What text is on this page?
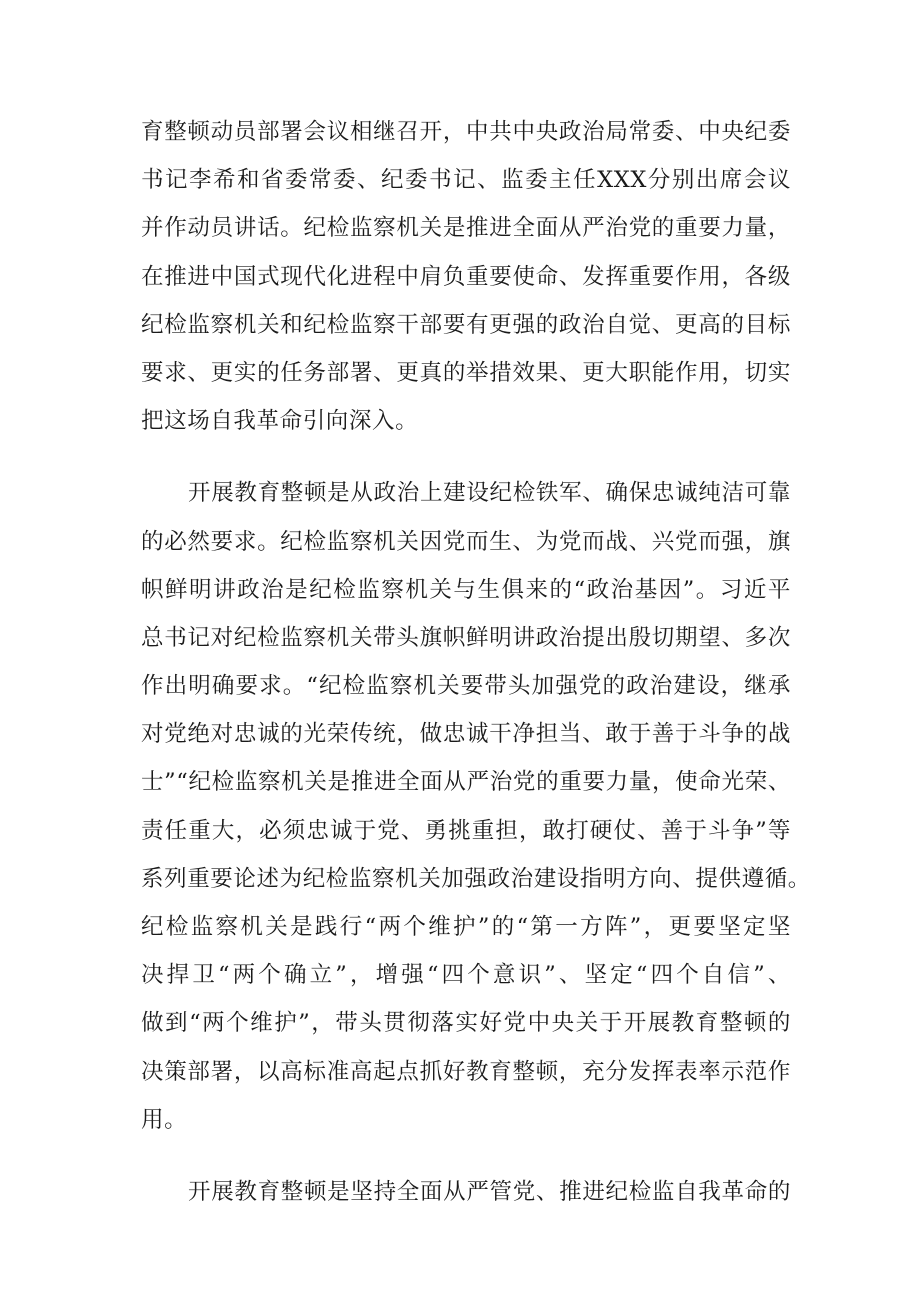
育整顿动员部署会议相继召开，中共中央政治局常委、中央纪委
书记李希和省委常委、纪委书记、监委主任XXX分别出席会议
并作动员讲话。纪检监察机关是推进全面从严治党的重要力量，
在推进中国式现代化进程中肩负重要使命、发挥重要作用，各级
纪检监察机关和纪检监察干部要有更强的政治自觉、更高的目标
要求、更实的任务部署、更真的举措效果、更大职能作用，切实
把这场自我革命引向深入。
开展教育整顿是从政治上建设纪检铁军、确保忠诚纯洁可靠
的必然要求。纪检监察机关因党而生、为党而战、兴党而强，旗
帜鲜明讲政治是纪检监察机关与生俱来的“政治基因”。习近平
总书记对纪检监察机关带头旗帜鲜明讲政治提出殷切期望、多次
作出明确要求。“纪检监察机关要带头加强党的政治建设，继承
对党绝对忠诚的光荣传统，做忠诚干净担当、敢于善于斗争的战
士”“纪检监察机关是推进全面从严治党的重要力量，使命光荣、
责任重大，必须忠诚于党、勇挑重担，敢打硬仗、善于斗争”等
系列重要论述为纪检监察机关加强政治建设指明方向、提供遵循。
纪检监察机关是践行“两个维护”的“第一方阵”，更要坚定坚
决捍卫“两个确立”，增强“四个意识”、坚定“四个自信”、
做到“两个维护”，带头贯彻落实好党中央关于开展教育整顿的
决策部署，以高标准高起点抓好教育整顿，充分发挥表率示范作
用。
开展教育整顿是坚持全面从严管党、推进纪检监自我革命的
